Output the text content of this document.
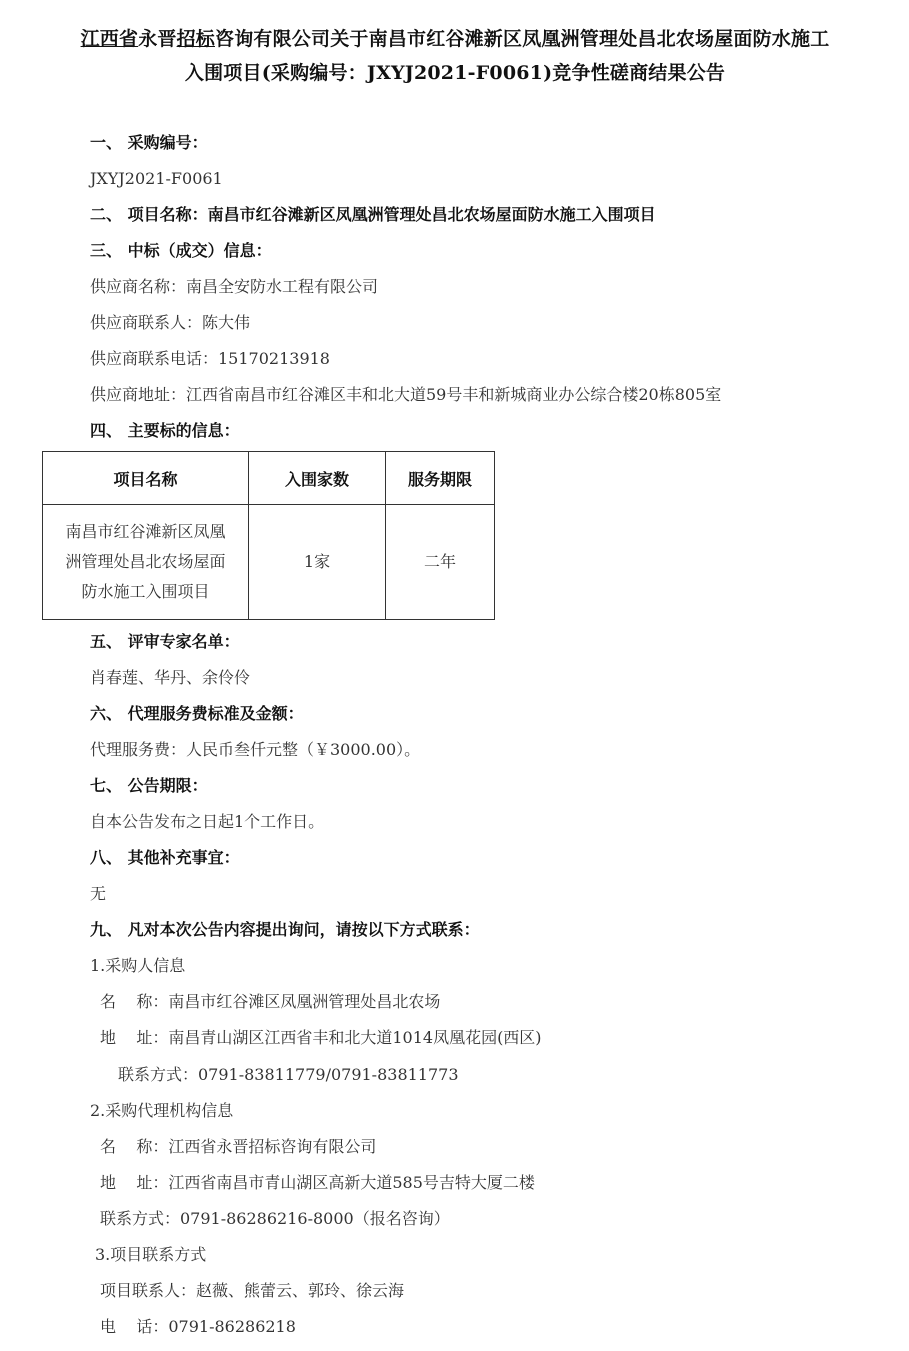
江西省永晋招标咨询有限公司关于南昌市红谷滩新区凤凰洲管理处昌北农场屋面防水施工
入围项目(采购编号：JXYJ2021-F0061)竞争性磋商结果公告
一、 采购编号：
JXYJ2021-F0061
二、 项目名称：南昌市红谷滩新区凤凰洲管理处昌北农场屋面防水施工入围项目
三、 中标（成交）信息：
供应商名称：南昌全安防水工程有限公司
供应商联系人：陈大伟
供应商联系电话：15170213918
供应商地址：江西省南昌市红谷滩区丰和北大道59号丰和新城商业办公综合楼20栋805室
四、 主要标的信息：
项目名称	入围家数	服务期限

南昌市红谷滩新区凤凰
洲管理处昌北农场屋面
防水施工入围项目	1家	二年
五、 评审专家名单：
肖春莲、华丹、余伶伶
六、 代理服务费标准及金额：
代理服务费：人民币叁仟元整（￥3000.00）。
七、 公告期限：
自本公告发布之日起1个工作日。
八、 其他补充事宜：
无
九、 凡对本次公告内容提出询问，请按以下方式联系：
1.采购人信息
名    称：南昌市红谷滩区凤凰洲管理处昌北农场
地    址：南昌青山湖区江西省丰和北大道1014凤凰花园(西区)
联系方式：0791-83811779/0791-83811773
2.采购代理机构信息
名    称：江西省永晋招标咨询有限公司
地    址：江西省南昌市青山湖区高新大道585号吉特大厦二楼
联系方式：0791-86286216-8000（报名咨询）
3.项目联系方式
项目联系人：赵薇、熊蕾云、郭玲、徐云海
电    话：0791-86286218
